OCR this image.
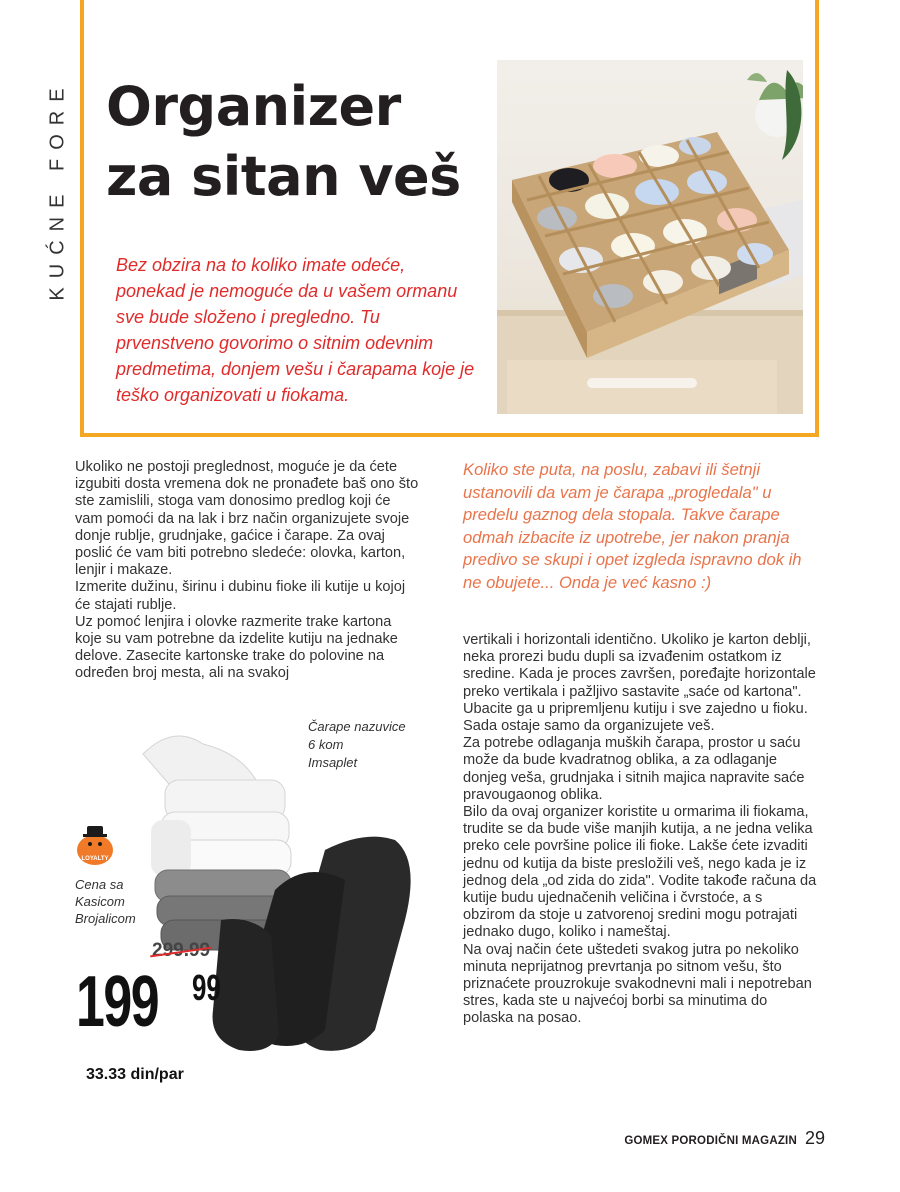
KUĆNE FORE Organizer
za sitan veš

Bez obzira na to koliko imate odeće, ponekad je nemoguće da u vašem ormanu sve bude složeno i pregledno. Tu prvenstveno govorimo o sitnim odevnim predmetima, donjem vešu i čarapama koje je teško organizovati u fiokama.

Ukoliko ne postoji preglednost, moguće je da ćete izgubiti dosta vremena dok ne pronađete baš ono što ste zamislili, stoga vam donosimo predlog koji će vam pomoći da na lak i brz način organizujete svoje donje rublje, grudnjake, gaćice i čarape. Za ovaj poslić će vam biti potrebno sledeće: olovka, karton, lenjir i makaze.
Izmerite dužinu, širinu i dubinu fioke ili kutije u kojoj će stajati rublje.
Uz pomoć lenjira i olovke razmerite trake kartona koje su vam potrebne da izdelite kutiju na jednake delove. Zasecite kartonske trake do polovine na određen broj mesta, ali na svakoj
Koliko ste puta, na poslu, zabavi ili šetnji ustanovili da vam je čarapa „progledala" u predelu gaznog dela stopala. Takve čarape odmah izbacite iz upotrebe, jer nakon pranja predivo se skupi i opet izgleda ispravno dok ih ne obujete... Onda je već kasno :)
vertikali i horizontali identično. Ukoliko je karton deblji, neka prorezi budu dupli sa izvađenim ostatkom iz sredine. Kada je proces završen, poređajte horizontale preko vertikala i pažljivo sastavite „saće od kartona". Ubacite ga u pripremljenu kutiju i sve zajedno u fioku.
Sada ostaje samo da organizujete veš.
Za potrebe odlaganja muških čarapa, prostor u saću može da bude kvadratnog oblika, a za odlaganje donjeg veša, grudnjaka i sitnih majica napravite saće pravougaonog oblika.
Bilo da ovaj organizer koristite u ormarima ili fiokama, trudite se da bude više manjih kutija, a ne jedna velika preko cele površine police ili fioke. Lakše ćete izvaditi jednu od kutija da biste presložili veš, nego kada je iz jednog dela „od zida do zida". Vodite takođe računa da kutije budu ujednačenih veličina i čvrstoće, a s obzirom da stoje u zatvorenoj sredini mogu potrajati jednako dugo, koliko i nameštaj.
Na ovaj način ćete uštedeti svakog jutra po nekoliko minuta neprijatnog prevrtanja po sitnom vešu, što priznaćete prouzrokuje svakodnevni mali i nepotreban stres, kada ste u najvećoj borbi sa minutima do polaska na posao.
Čarape nazuvice
6 kom
Imsaplet
LOYALTY
Cena sa
Kasicom
Brojalicom
299.99
199 99
33.33 din/par
GOMEX PORODIČNI MAGAZIN 29
